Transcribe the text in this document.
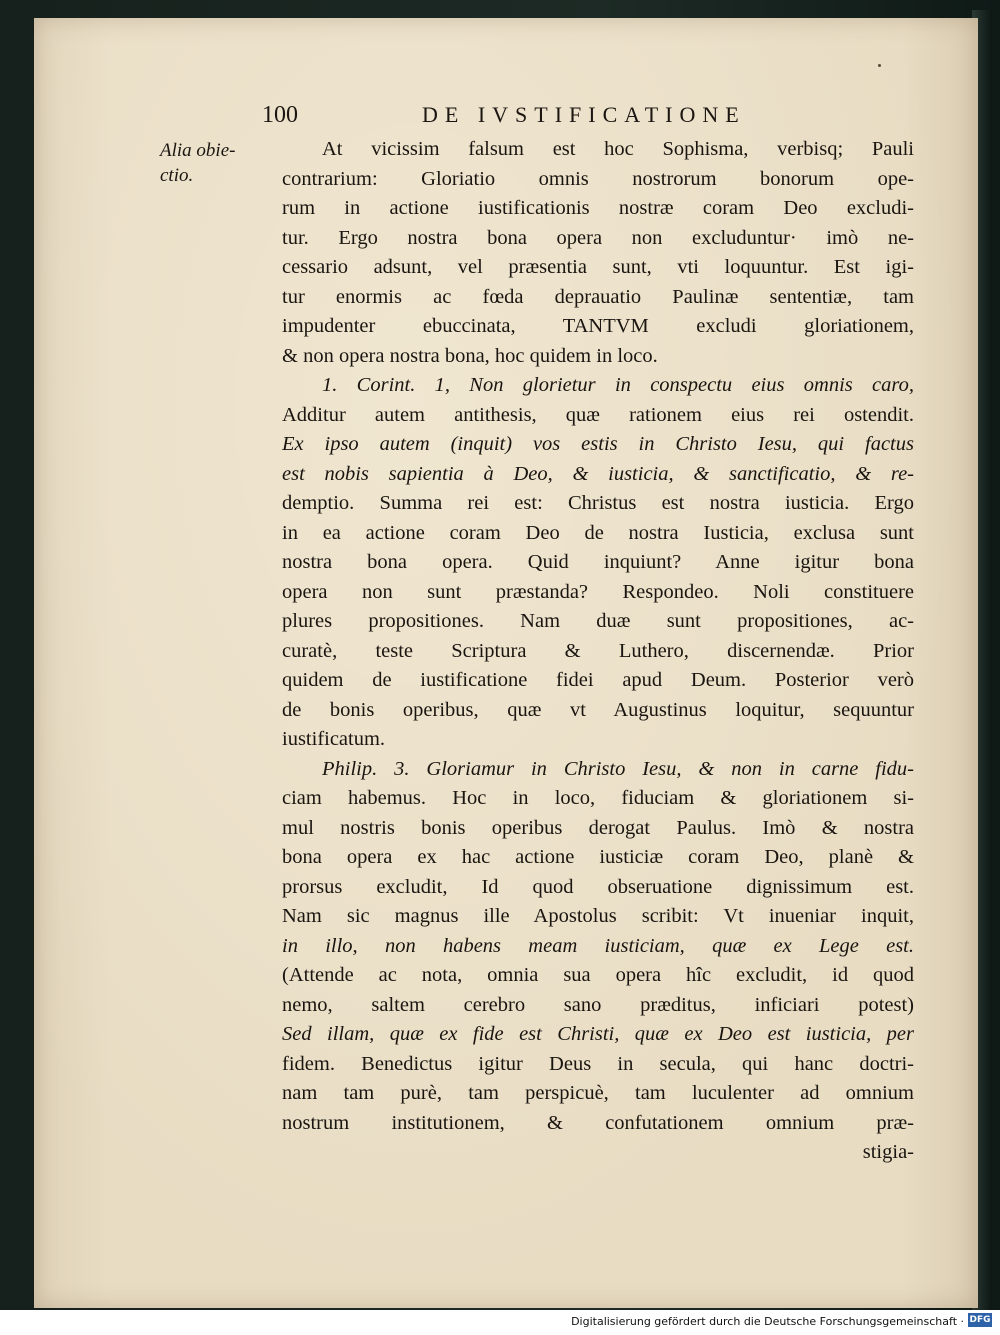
100	DE IVSTIFICATIONE
Alia obie-
ctio.
At vicissim falsum est hoc Sophisma, verbisq; Pauli
contrarium: Gloriatio omnis nostrorum bonorum ope-
rum in actione iustificationis nostræ coram Deo excludi-
tur. Ergo nostra bona opera non excluduntur· imò ne-
cessario adsunt, vel præsentia sunt, vti loquuntur. Est igi-
tur enormis ac fœda deprauatio Paulinæ sententiæ, tam
impudenter ebuccinata, TANTVM excludi gloriationem,
& non opera nostra bona, hoc quidem in loco.
1. Corint. 1, Non glorietur in conspectu eius omnis caro,
Additur autem antithesis, quæ rationem eius rei ostendit.
Ex ipso autem (inquit) vos estis in Christo Iesu, qui factus
est nobis sapientia à Deo, & iusticia, & sanctificatio, & re-
demptio. Summa rei est: Christus est nostra iusticia. Ergo
in ea actione coram Deo de nostra Iusticia, exclusa sunt
nostra bona opera. Quid inquiunt? Anne igitur bona
opera non sunt præstanda? Respondeo. Noli constituere
plures propositiones. Nam duæ sunt propositiones, ac-
curatè, teste Scriptura & Luthero, discernendæ. Prior
quidem de iustificatione fidei apud Deum. Posterior verò
de bonis operibus, quæ vt Augustinus loquitur, sequuntur
iustificatum.
Philip. 3. Gloriamur in Christo Iesu, & non in carne fidu-
ciam habemus. Hoc in loco, fiduciam & gloriationem si-
mul nostris bonis operibus derogat Paulus. Imò & nostra
bona opera ex hac actione iusticiæ coram Deo, planè &
prorsus excludit, Id quod obseruatione dignissimum est.
Nam sic magnus ille Apostolus scribit: Vt inueniar inquit,
in illo, non habens meam iusticiam, quæ ex Lege est.
(Attende ac nota, omnia sua opera hîc excludit, id quod
nemo, saltem cerebro sano præditus, inficiari potest)
Sed illam, quæ ex fide est Christi, quæ ex Deo est iusticia, per
fidem. Benedictus igitur Deus in secula, qui hanc doctri-
nam tam purè, tam perspicuè, tam luculenter ad omnium
nostrum institutionem, & confutationem omnium præ-
stigia-
Digitalisierung gefördert durch die Deutsche Forschungsgemeinschaft · DFG
